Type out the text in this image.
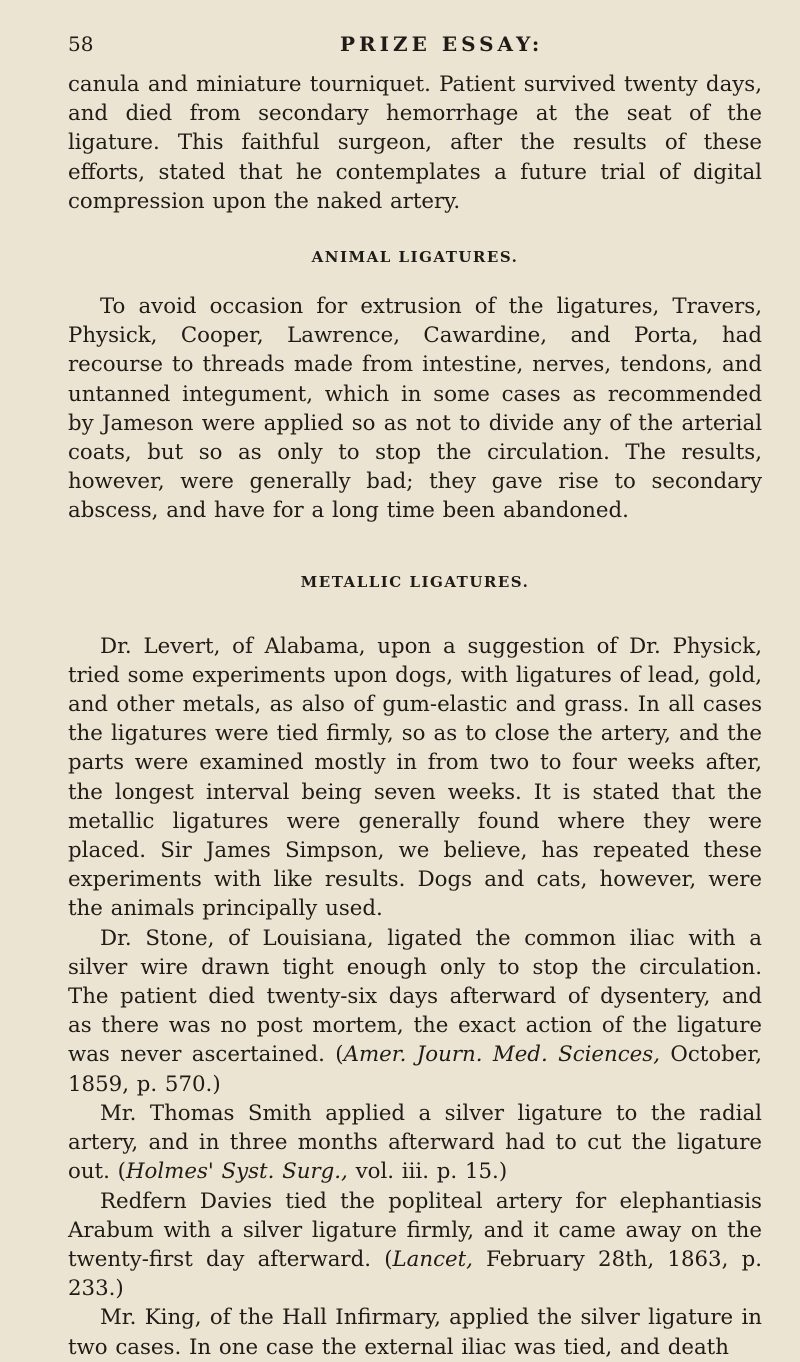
58	PRIZE ESSAY:

canula and miniature tourniquet. Patient survived twenty days, and died from secondary hemorrhage at the seat of the ligature. This faithful surgeon, after the results of these efforts, stated that he contemplates a future trial of digital compression upon the naked artery.

ANIMAL LIGATURES.

To avoid occasion for extrusion of the ligatures, Travers, Physick, Cooper, Lawrence, Cawardine, and Porta, had recourse to threads made from intestine, nerves, tendons, and untanned integument, which in some cases as recommended by Jameson were applied so as not to divide any of the arterial coats, but so as only to stop the circulation. The results, however, were generally bad; they gave rise to secondary abscess, and have for a long time been abandoned.

METALLIC LIGATURES.

Dr. Levert, of Alabama, upon a suggestion of Dr. Physick, tried some experiments upon dogs, with ligatures of lead, gold, and other metals, as also of gum-elastic and grass. In all cases the ligatures were tied firmly, so as to close the artery, and the parts were examined mostly in from two to four weeks after, the longest interval being seven weeks. It is stated that the metallic ligatures were generally found where they were placed. Sir James Simpson, we believe, has repeated these experiments with like results. Dogs and cats, however, were the animals principally used.

Dr. Stone, of Louisiana, ligated the common iliac with a silver wire drawn tight enough only to stop the circulation. The patient died twenty-six days afterward of dysentery, and as there was no post mortem, the exact action of the ligature was never ascertained. (Amer. Journ. Med. Sciences, October, 1859, p. 570.)

Mr. Thomas Smith applied a silver ligature to the radial artery, and in three months afterward had to cut the ligature out. (Holmes' Syst. Surg., vol. iii. p. 15.)

Redfern Davies tied the popliteal artery for elephantiasis Arabum with a silver ligature firmly, and it came away on the twenty-first day afterward. (Lancet, February 28th, 1863, p. 233.)

Mr. King, of the Hall Infirmary, applied the silver ligature in two cases. In one case the external iliac was tied, and death
